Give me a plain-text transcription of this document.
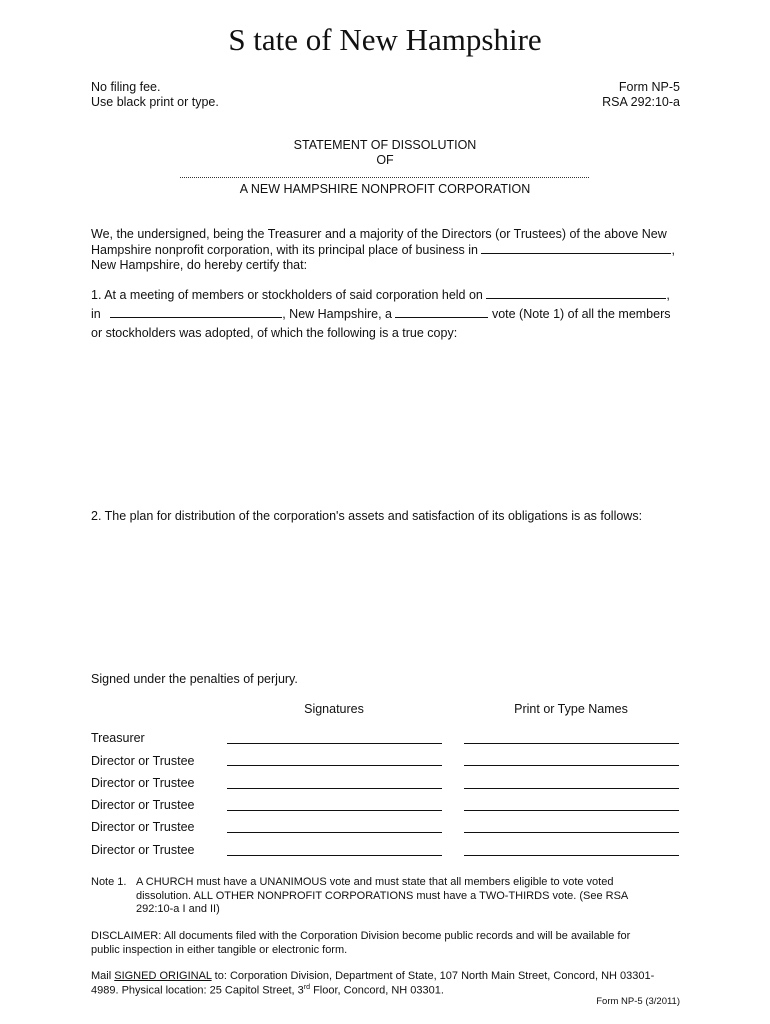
S tate of New Hampshire
No filing fee.
Use black print or type.
Form NP-5
RSA 292:10-a
STATEMENT OF DISSOLUTION
OF
A NEW HAMPSHIRE NONPROFIT CORPORATION
We, the undersigned, being the Treasurer and a majority of the Directors (or Trustees) of the above New
Hampshire nonprofit corporation, with its principal place of business in	,
New Hampshire, do hereby certify that:
1. At a meeting of members or stockholders of said corporation held on	,
in	, New Hampshire, a	vote (Note 1) of all the members
or stockholders was adopted, of which the following is a true copy:
2. The plan for distribution of the corporation's assets and satisfaction of its obligations is as follows:
Signed under the penalties of perjury.
Signatures	Print or Type Names
Treasurer
Director or Trustee
Director or Trustee
Director or Trustee
Director or Trustee
Director or Trustee
Note 1. A CHURCH must have a UNANIMOUS vote and must state that all members eligible to vote voted
dissolution. ALL OTHER NONPROFIT CORPORATIONS must have a TWO-THIRDS vote. (See RSA
292:10-a I and II)
DISCLAIMER: All documents filed with the Corporation Division become public records and will be available for
public inspection in either tangible or electronic form.
Mail SIGNED ORIGINAL to: Corporation Division, Department of State, 107 North Main Street, Concord, NH 03301-
4989. Physical location: 25 Capitol Street, 3rd Floor, Concord, NH 03301.
Form NP-5 (3/2011)
